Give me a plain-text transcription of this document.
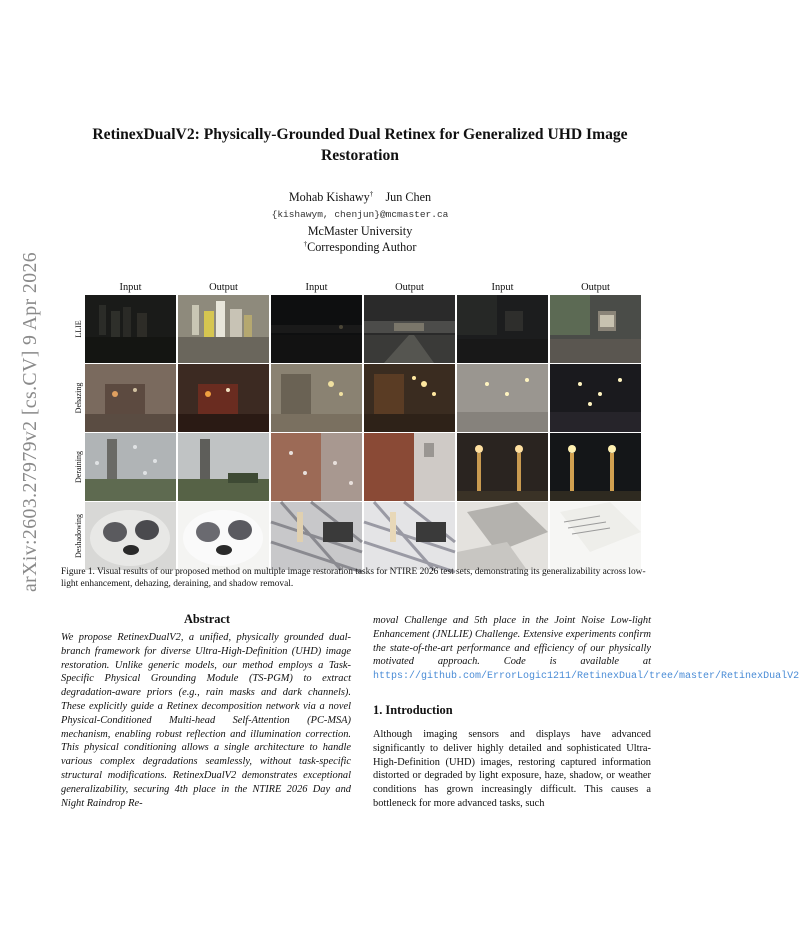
RetinexDualV2: Physically-Grounded Dual Retinex for Generalized UHD Image Restoration
Mohab Kishawy† Jun Chen
{kishawym, chenjun}@mcmaster.ca
McMaster University
†Corresponding Author
arXiv:2603.27979v2 [cs.CV] 9 Apr 2026	Input	Output	Input	Output	Input	Output
LLIE
Dehazing
Deraining
Deshadowing
Figure 1. Visual results of our proposed method on multiple image restoration tasks for NTIRE 2026 test sets, demonstrating its generalizability across low-light enhancement, dehazing, deraining, and shadow removal.
Abstract
We propose RetinexDualV2, a unified, physically grounded dual-branch framework for diverse Ultra-High-Definition (UHD) image restoration. Unlike generic models, our method employs a Task-Specific Physical Grounding Module (TS-PGM) to extract degradation-aware priors (e.g., rain masks and dark channels). These explicitly guide a Retinex decomposition network via a novel Physical-Conditioned Multi-head Self-Attention (PC-MSA) mechanism, enabling robust reflection and illumination correction. This physical conditioning allows a single architecture to handle various complex degradations seamlessly, without task-specific structural modifications. RetinexDualV2 demonstrates exceptional generalizability, securing 4th place in the NTIRE 2026 Day and Night Raindrop Re-
moval Challenge and 5th place in the Joint Noise Low-light Enhancement (JNLLIE) Challenge. Extensive experiments confirm the state-of-the-art performance and efficiency of our physically motivated approach. Code is available at https://github.com/ErrorLogic1211/RetinexDual/tree/master/RetinexDualV2
1. Introduction
Although imaging sensors and displays have advanced significantly to deliver highly detailed and sophisticated Ultra-High-Definition (UHD) images, restoring captured information distorted or degraded by light exposure, haze, shadow, or weather conditions has grown increasingly difficult. This causes a bottleneck for more advanced tasks, such
